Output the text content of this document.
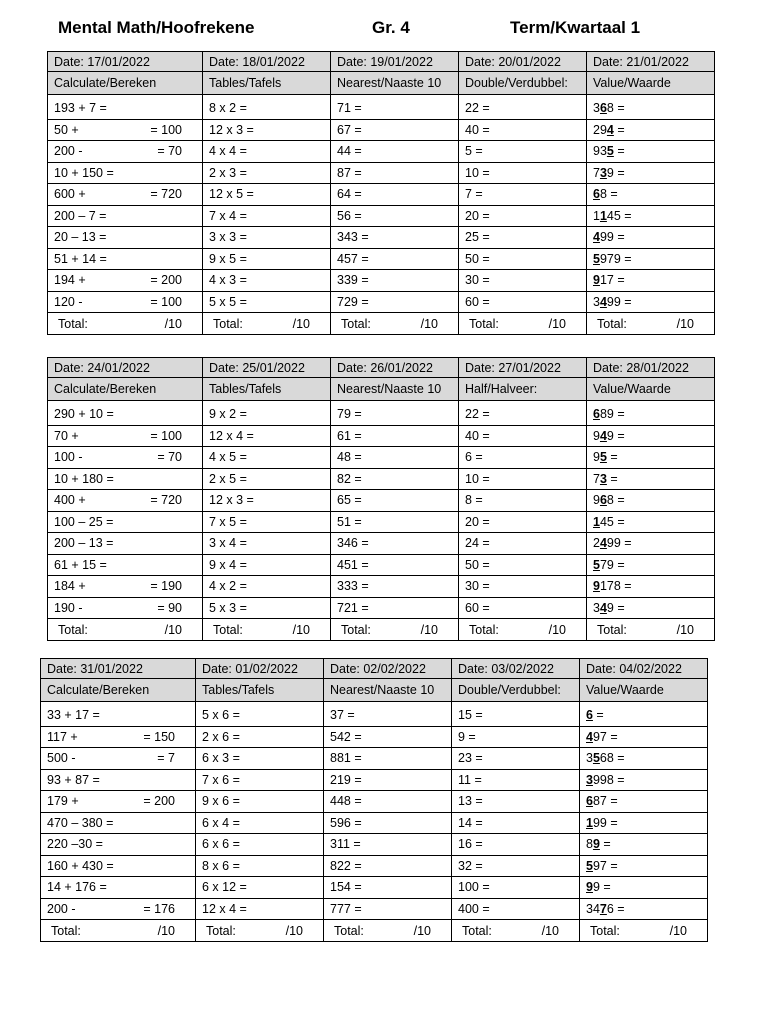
Mental Math/Hoofrekene	Gr. 4	Term/Kwartaal 1
Date: 17/01/2022	Date: 18/01/2022	Date: 19/01/2022	Date: 20/01/2022	Date: 21/01/2022
Calculate/Bereken	Tables/Tafels	Nearest/Naaste 10	Double/Verdubbel:	Value/Waarde

193 + 7 =	8 x 2 =	71 =	22 =	368 =
50 + = 100	12 x 3 =	67 =	40 =	294 =
200 - = 70	4 x 4 =	44 =	5 =	935 =
10 + 150 =	2 x 3 =	87 =	10 =	739 =
600 + = 720	12 x 5 =	64 =	7 =	68 =
200 – 7 =	7 x 4 =	56 =	20 =	1145 =
20 – 13 =	3 x 3 =	343 =	25 =	499 =
51 + 14 =	9 x 5 =	457 =	50 =	5979 =
194 + = 200	4 x 3 =	339 =	30 =	917 =
120 - = 100	5 x 5 =	729 =	60 =	3499 =
Total: /10	Total: /10	Total: /10	Total: /10	Total: /10
Date: 24/01/2022	Date: 25/01/2022	Date: 26/01/2022	Date: 27/01/2022	Date: 28/01/2022
Calculate/Bereken	Tables/Tafels	Nearest/Naaste 10	Half/Halveer:	Value/Waarde

290 + 10 =	9 x 2 =	79 =	22 =	689 =
70 + = 100	12 x 4 =	61 =	40 =	949 =
100 - = 70	4 x 5 =	48 =	6 =	95 =
10 + 180 =	2 x 5 =	82 =	10 =	73 =
400 + = 720	12 x 3 =	65 =	8 =	968 =
100 – 25 =	7 x 5 =	51 =	20 =	145 =
200 – 13 =	3 x 4 =	346 =	24 =	2499 =
61 + 15 =	9 x 4 =	451 =	50 =	579 =
184 + = 190	4 x 2 =	333 =	30 =	9178 =
190 - = 90	5 x 3 =	721 =	60 =	349 =
Total: /10	Total: /10	Total: /10	Total: /10	Total: /10
Date: 31/01/2022	Date: 01/02/2022	Date: 02/02/2022	Date: 03/02/2022	Date: 04/02/2022
Calculate/Bereken	Tables/Tafels	Nearest/Naaste 10	Double/Verdubbel:	Value/Waarde

33 + 17 =	5 x 6 =	37 =	15 =	6 =
117 + = 150	2 x 6 =	542 =	9 =	497 =
500 - = 7	6 x 3 =	881 =	23 =	3568 =
93 + 87 =	7 x 6 =	219 =	11 =	3998 =
179 + = 200	9 x 6 =	448 =	13 =	687 =
470 – 380 =	6 x 4 =	596 =	14 =	199 =
220 –30 =	6 x 6 =	311 =	16 =	89 =
160 + 430 =	8 x 6 =	822 =	32 =	597 =
14 + 176 =	6 x 12 =	154 =	100 =	99 =
200 - = 176	12 x 4 =	777 =	400 =	3476 =
Total: /10	Total: /10	Total: /10	Total: /10	Total: /10
